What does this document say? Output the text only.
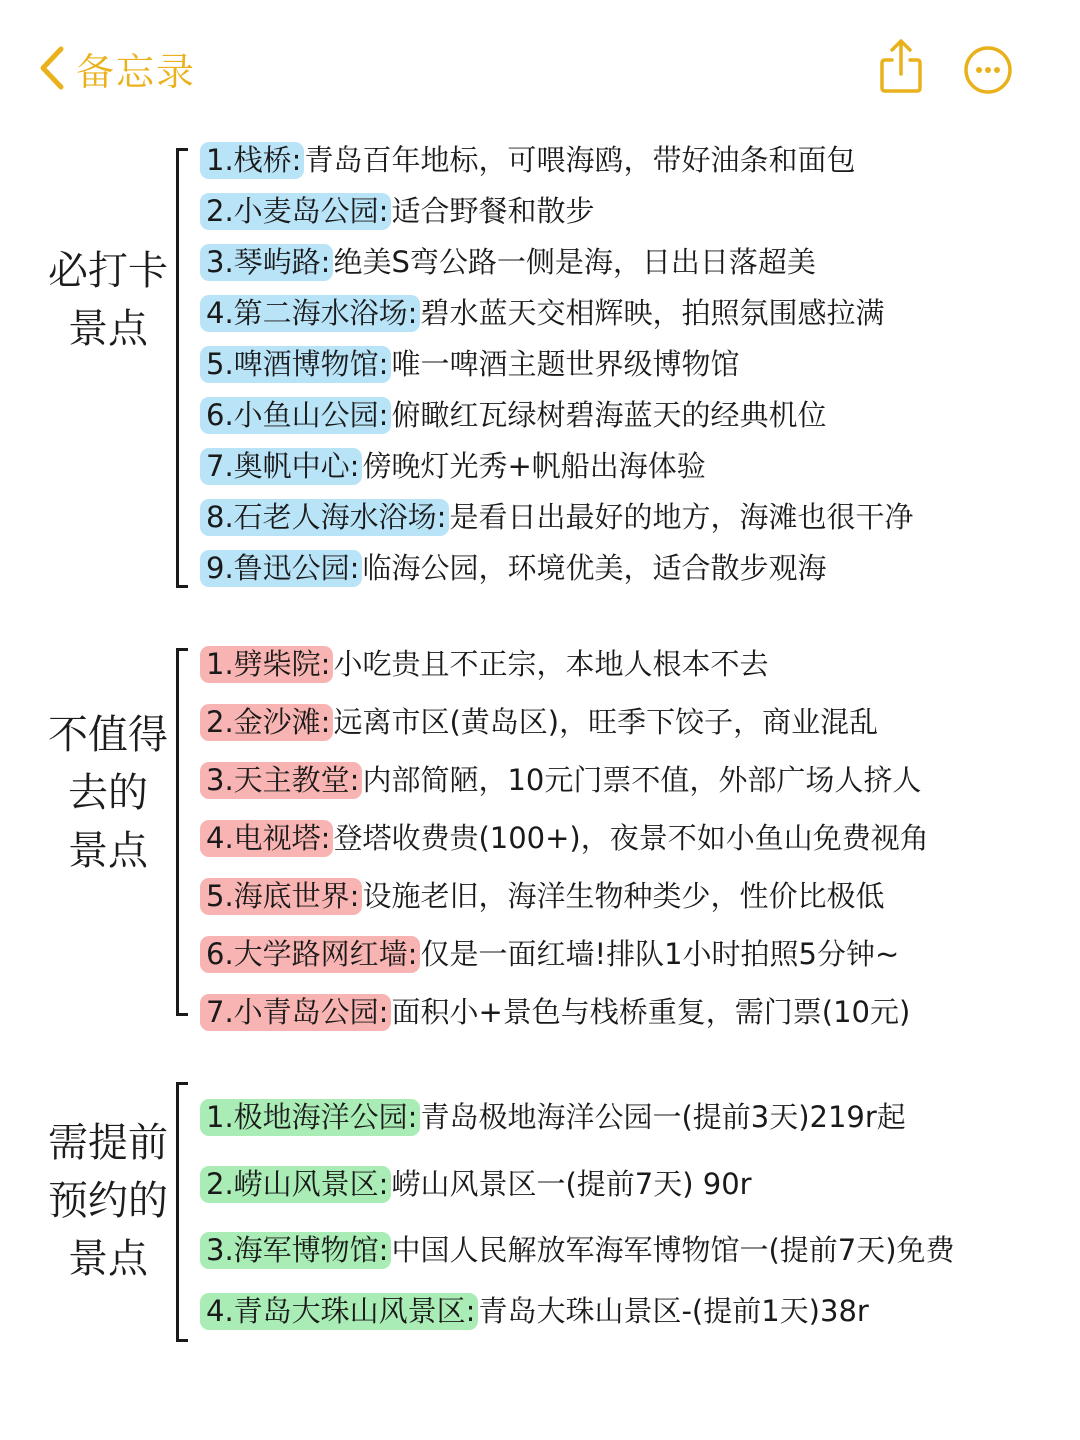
备忘录
必打卡
景点
1.栈桥: 青岛百年地标，可喂海鸥，带好油条和面包
2.小麦岛公园: 适合野餐和散步
3.琴屿路: 绝美S弯公路一侧是海，日出日落超美
4.第二海水浴场: 碧水蓝天交相辉映，拍照氛围感拉满
5.啤酒博物馆: 唯一啤酒主题世界级博物馆
6.小鱼山公园: 俯瞰红瓦绿树碧海蓝天的经典机位
7.奥帆中心: 傍晚灯光秀+帆船出海体验
8.石老人海水浴场: 是看日出最好的地方，海滩也很干净
9.鲁迅公园: 临海公园，环境优美，适合散步观海
不值得
去的
景点
1.劈柴院: 小吃贵且不正宗，本地人根本不去
2.金沙滩: 远离市区(黄岛区)，旺季下饺子，商业混乱
3.天主教堂: 内部简陋，10元门票不值，外部广场人挤人
4.电视塔: 登塔收费贵(100+)，夜景不如小鱼山免费视角
5.海底世界: 设施老旧，海洋生物种类少，性价比极低
6.大学路网红墙: 仅是一面红墙!排队1小时拍照5分钟~
7.小青岛公园: 面积小+景色与栈桥重复，需门票(10元)
需提前
预约的
景点
1.极地海洋公园: 青岛极地海洋公园一(提前3天)219r起
2.崂山风景区: 崂山风景区一(提前7天) 90r
3.海军博物馆: 中国人民解放军海军博物馆一(提前7天)免费
4.青岛大珠山风景区: 青岛大珠山景区-(提前1天)38r
